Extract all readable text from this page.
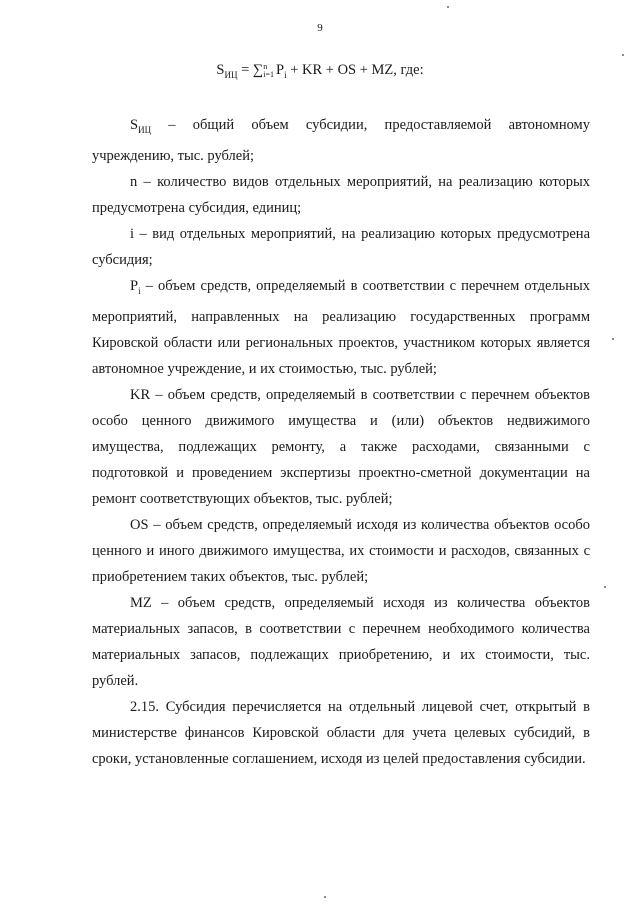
9
$S_{ИЦ} = \sum n$
i=1 $P_i$ + KR + OS + MZ, где:

$S_{ИЦ}$ – общий объем субсидии, предоставляемой автономному учреждению, тыс. рублей;

n – количество видов отдельных мероприятий, на реализацию которых предусмотрена субсидия, единиц;

i – вид отдельных мероприятий, на реализацию которых предусмотрена субсидия;

$P_i$ – объем средств, определяемый в соответствии с перечнем отдельных мероприятий, направленных на реализацию государственных программ Кировской области или региональных проектов, участником которых является автономное учреждение, и их стоимостью, тыс. рублей;

KR – объем средств, определяемый в соответствии с перечнем объектов особо ценного движимого имущества и (или) объектов недвижимого имущества, подлежащих ремонту, а также расходами, связанными с подготовкой и проведением экспертизы проектно-сметной документации на ремонт соответствующих объектов, тыс. рублей;

OS – объем средств, определяемый исходя из количества объектов особо ценного и иного движимого имущества, их стоимости и расходов, связанных с приобретением таких объектов, тыс. рублей;

MZ – объем средств, определяемый исходя из количества объектов материальных запасов, в соответствии с перечнем необходимого количества материальных запасов, подлежащих приобретению, и их стоимости, тыс. рублей.

2.15. Субсидия перечисляется на отдельный лицевой счет, открытый в министерстве финансов Кировской области для учета целевых субсидий, в сроки, установленные соглашением, исходя из целей предоставления субсидии.
